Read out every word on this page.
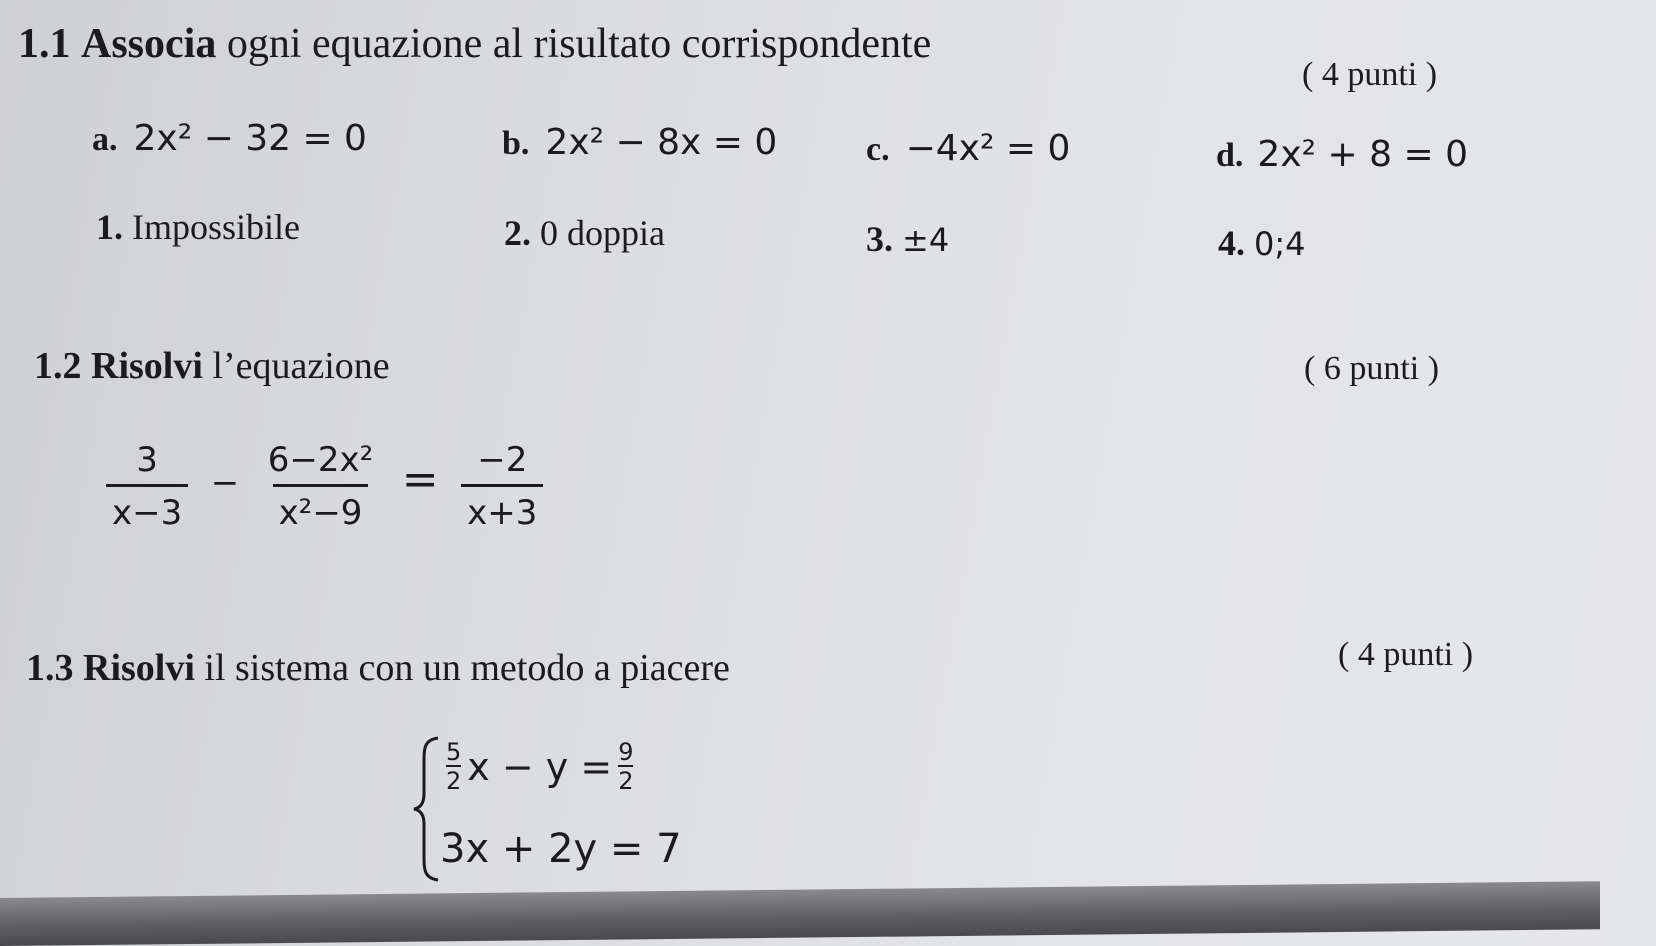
1.1 Associa ogni equazione al risultato corrispondente
( 4 punti )
a. 2x² − 32 = 0	b. 2x² − 8x = 0	c. −4x² = 0	d. 2x² + 8 = 0
1. Impossibile	2. 0 doppia	3. ±4	4. 0;4
1.2 Risolvi l’equazione	( 6 punti )
$\frac{3}{x-3} - \frac{\text{6−2x²}}{\text{x²−9}} = \frac{-2}{x+3}$
1.3 Risolvi il sistema con un metodo a piacere	( 4 punti )
$\frac{5}{2}$ $x - y = \frac{9}{2}$
3x + 2y = 7
